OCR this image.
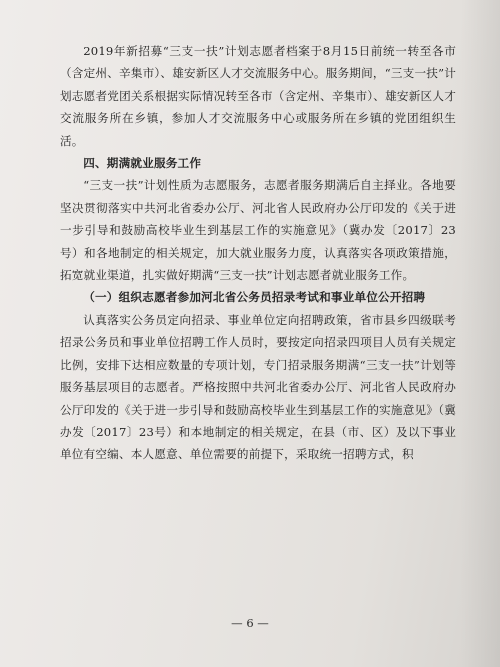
2019年新招募“三支一扶”计划志愿者档案于8月15日前统一转至各市（含定州、辛集市）、雄安新区人才交流服务中心。服务期间，“三支一扶”计划志愿者党团关系根据实际情况转至各市（含定州、辛集市）、雄安新区人才交流服务所在乡镇，参加人才交流服务中心或服务所在乡镇的党团组织生活。

四、期满就业服务工作

“三支一扶”计划性质为志愿服务，志愿者服务期满后自主择业。各地要坚决贯彻落实中共河北省委办公厅、河北省人民政府办公厅印发的《关于进一步引导和鼓励高校毕业生到基层工作的实施意见》（冀办发〔2017〕23号）和各地制定的相关规定，加大就业服务力度，认真落实各项政策措施，拓宽就业渠道，扎实做好期满“三支一扶”计划志愿者就业服务工作。

（一）组织志愿者参加河北省公务员招录考试和事业单位公开招聘

认真落实公务员定向招录、事业单位定向招聘政策，省市县乡四级联考招录公务员和事业单位招聘工作人员时，要按定向招录四项目人员有关规定比例，安排下达相应数量的专项计划，专门招录服务期满“三支一扶”计划等服务基层项目的志愿者。严格按照中共河北省委办公厅、河北省人民政府办公厅印发的《关于进一步引导和鼓励高校毕业生到基层工作的实施意见》（冀办发〔2017〕23号）和本地制定的相关规定，在县（市、区）及以下事业单位有空编、本人愿意、单位需要的前提下，采取统一招聘方式，积

— 6 —
